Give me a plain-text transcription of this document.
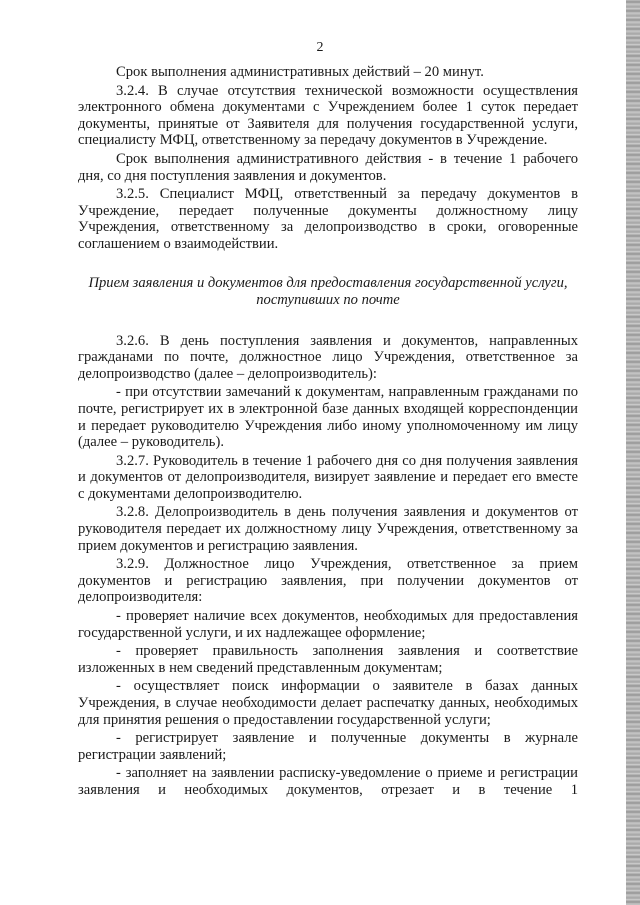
2

Срок выполнения административных действий – 20 минут.

3.2.4. В случае отсутствия технической возможности осуществления электронного обмена документами с Учреждением более 1 суток передает документы, принятые от Заявителя для получения государственной услуги, специалисту МФЦ, ответственному за передачу документов в Учреждение.

Срок выполнения административного действия - в течение 1 рабочего дня, со дня поступления заявления и документов.

3.2.5. Специалист МФЦ, ответственный за передачу документов в Учреждение, передает полученные документы должностному лицу Учреждения, ответственному за делопроизводство в сроки, оговоренные соглашением о взаимодействии.

Прием заявления и документов для предоставления государственной услуги, поступивших по почте

3.2.6. В день поступления заявления и документов, направленных гражданами по почте, должностное лицо Учреждения, ответственное за делопроизводство (далее – делопроизводитель):

- при отсутствии замечаний к документам, направленным гражданами по почте, регистрирует их в электронной базе данных входящей корреспонденции и передает руководителю Учреждения либо иному уполномоченному им лицу (далее – руководитель).

3.2.7. Руководитель в течение 1 рабочего дня со дня получения заявления и документов от делопроизводителя, визирует заявление и передает его вместе с документами делопроизводителю.

3.2.8. Делопроизводитель в день получения заявления и документов от руководителя передает их должностному лицу Учреждения, ответственному за прием документов и регистрацию заявления.

3.2.9. Должностное лицо Учреждения, ответственное за прием документов и регистрацию заявления, при получении документов от делопроизводителя:

- проверяет наличие всех документов, необходимых для предоставления государственной услуги, и их надлежащее оформление;

- проверяет правильность заполнения заявления и соответствие изложенных в нем сведений представленным документам;

- осуществляет поиск информации о заявителе в базах данных Учреждения, в случае необходимости делает распечатку данных, необходимых для принятия решения о предоставлении государственной услуги;

- регистрирует заявление и полученные документы в журнале регистрации заявлений;

- заполняет на заявлении расписку-уведомление о приеме и регистрации заявления и необходимых документов, отрезает и в течение 1
